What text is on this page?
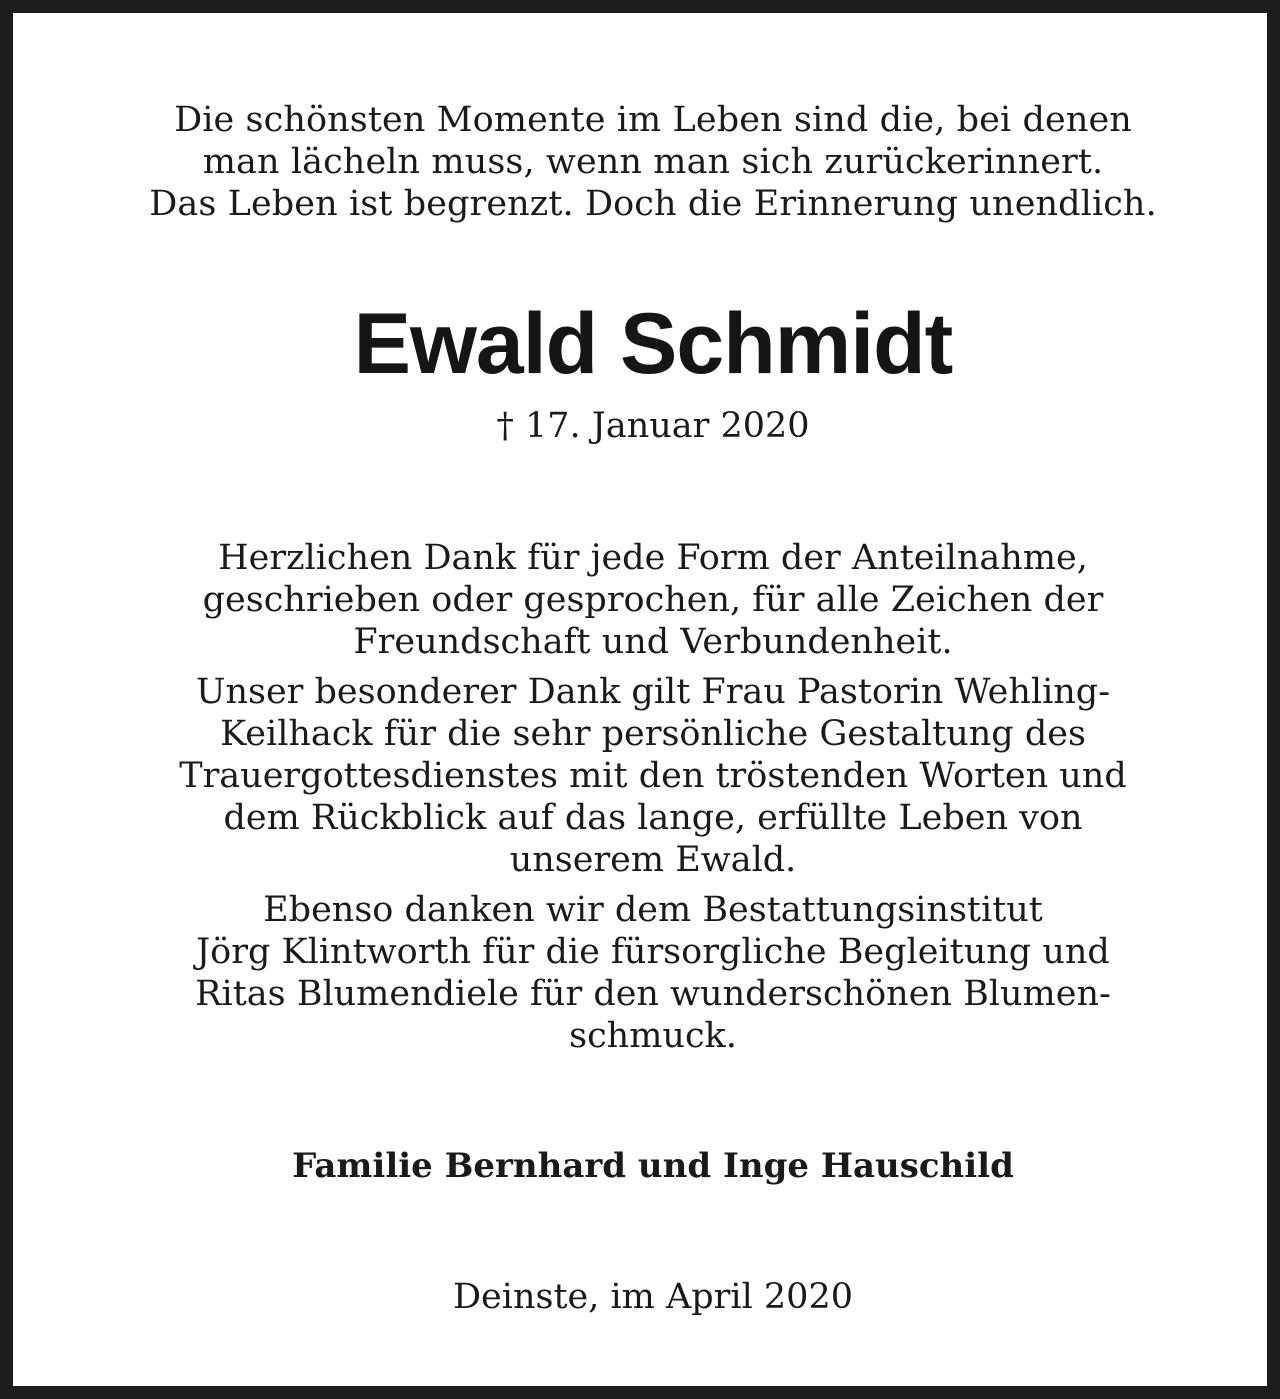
Die schönsten Momente im Leben sind die, bei denen
man lächeln muss, wenn man sich zurückerinnert.
Das Leben ist begrenzt. Doch die Erinnerung unendlich.
Ewald Schmidt
† 17. Januar 2020
Herzlichen Dank für jede Form der Anteilnahme,
geschrieben oder gesprochen, für alle Zeichen der
Freundschaft und Verbundenheit.
Unser besonderer Dank gilt Frau Pastorin Wehling-
Keilhack für die sehr persönliche Gestaltung des
Trauergottesdienstes mit den tröstenden Worten und
dem Rückblick auf das lange, erfüllte Leben von
unserem Ewald.
Ebenso danken wir dem Bestattungsinstitut
Jörg Klintworth für die fürsorgliche Begleitung und
Ritas Blumendiele für den wunderschönen Blumen-
schmuck.
Familie Bernhard und Inge Hauschild
Deinste, im April 2020
